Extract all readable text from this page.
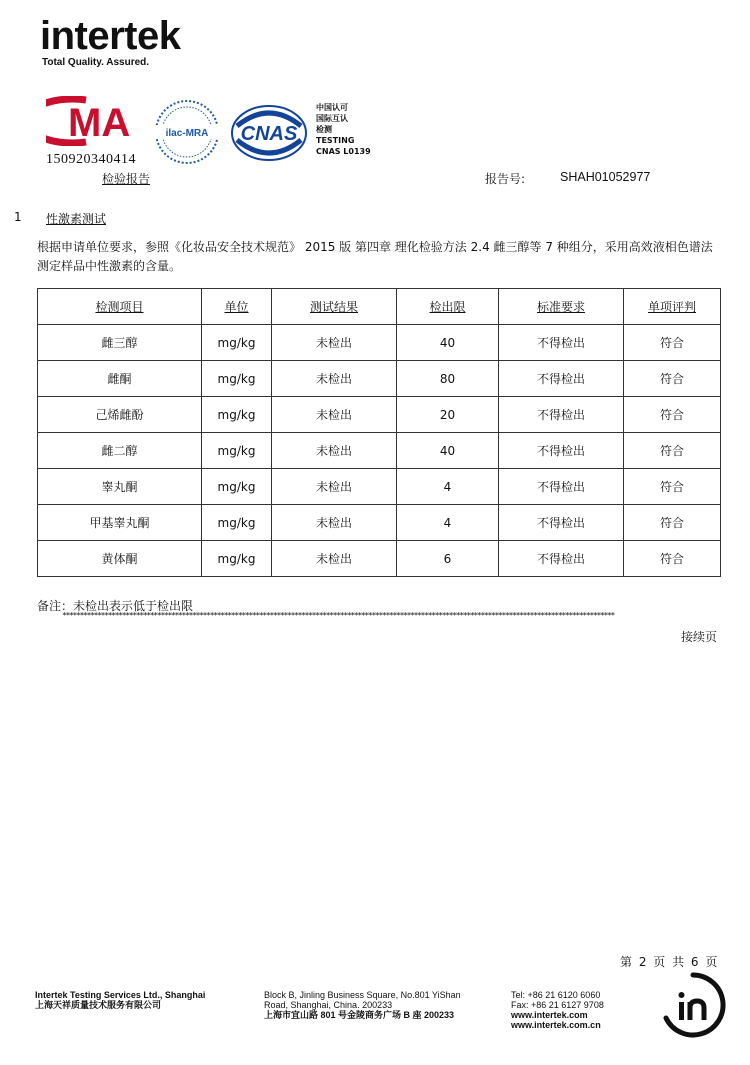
intertek
Total Quality. Assured.
MA
150920340414
ilac-MRA CNAS
中国认可
国际互认
检测
TESTING
CNAS L0139
检验报告	报告号:	SHAH01052977
1 性激素测试
根据申请单位要求，参照《化妆品安全技术规范》 2015 版 第四章 理化检验方法 2.4 雌三醇等 7 种组分，采用高效液相色谱法测定样品中性激素的含量。
检测项目	单位	测试结果	检出限	标准要求	单项评判
雌三醇	mg/kg	未检出	40	不得检出	符合
雌酮	mg/kg	未检出	80	不得检出	符合
己烯雌酚	mg/kg	未检出	20	不得检出	符合
雌二醇	mg/kg	未检出	40	不得检出	符合
睾丸酮	mg/kg	未检出	4	不得检出	符合
甲基睾丸酮	mg/kg	未检出	4	不得检出	符合
黄体酮	mg/kg	未检出	6	不得检出	符合
备注：未检出表示低于检出限
*************************************************************************************************************************************************************
接续页
第 2 页 共 6 页
Intertek Testing Services Ltd., Shanghai
上海天祥质量技术服务有限公司
Block B, Jinling Business Square, No.801 YiShan
Road, Shanghai, China. 200233
上海市宜山路 801 号金陵商务广场 B 座 200233
Tel: +86 21 6120 6060
Fax: +86 21 6127 9708
www.intertek.com
www.intertek.com.cn
